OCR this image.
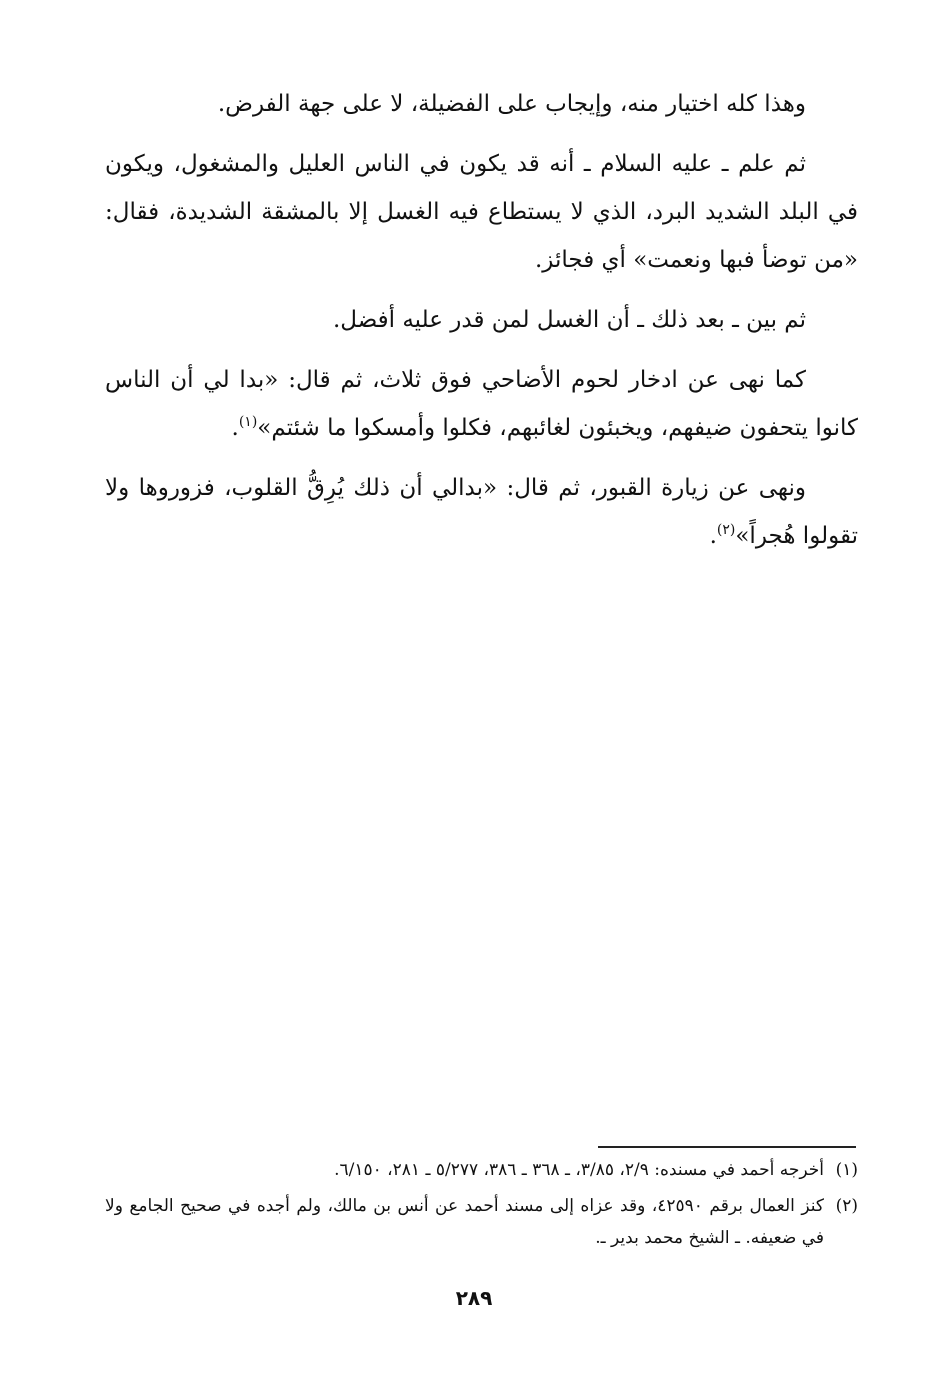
وهذا كله اختيار منه، وإيجاب على الفضيلة، لا على جهة الفرض.

ثم علم ـ عليه السلام ـ أنه قد يكون في الناس العليل والمشغول، ويكون في البلد الشديد البرد، الذي لا يستطاع فيه الغسل إلا بالمشقة الشديدة، فقال: «من توضأ فبها ونعمت» أي فجائز.

ثم بين ـ بعد ذلك ـ أن الغسل لمن قدر عليه أفضل.

كما نهى عن ادخار لحوم الأضاحي فوق ثلاث، ثم قال: «بدا لي أن الناس كانوا يتحفون ضيفهم، ويخبئون لغائبهم، فكلوا وأمسكوا ما شئتم»$^{(١)}$.

ونهى عن زيارة القبور، ثم قال: «بدالي أن ذلك يُرِقُّ القلوب، فزوروها ولا تقولوا هُجراً»$^{(٢)}$.

(١)
أخرجه أحمد في مسنده: ٢/٩، ٣/٨٥، ـ ٣٦٨ ـ ٣٨٦، ٥/٢٧٧ ـ ٢٨١، ٦/١٥٠.
(٢)
كنز العمال برقم ٤٢٥٩٠، وقد عزاه إلى مسند أحمد عن أنس بن مالك، ولم أجده في صحيح الجامع ولا في ضعيفه. ـ الشيخ محمد بدير ـ.
٢٨٩
